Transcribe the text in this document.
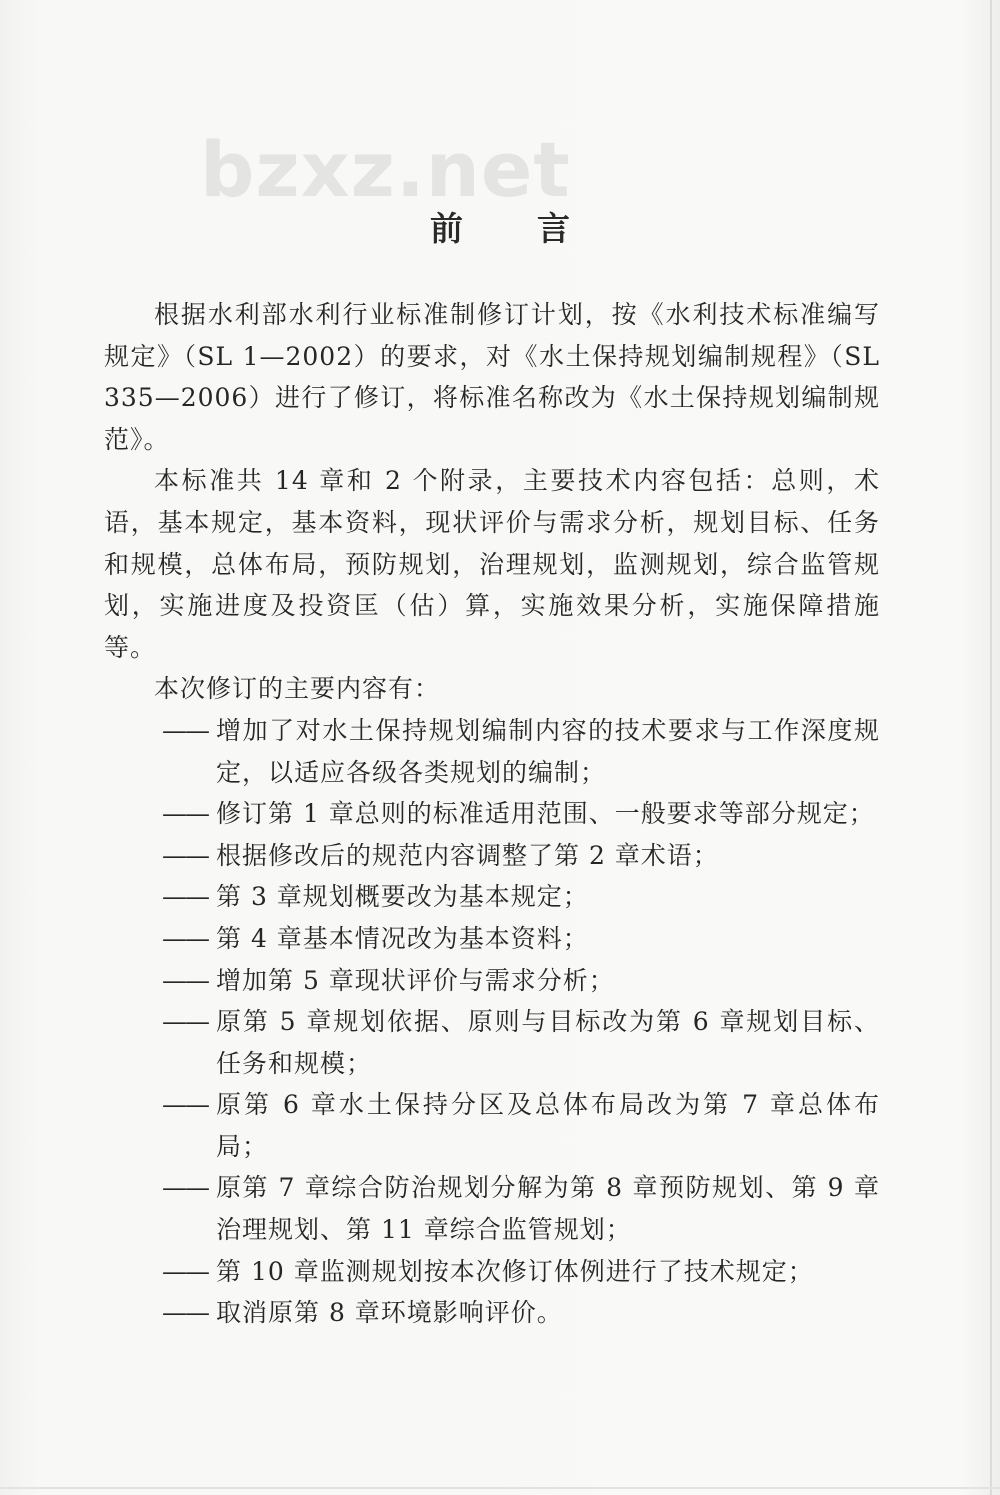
bzxz.net
前言

根据水利部水利行业标准制修订计划，按《水利技术标准编写规定》（SL 1—2002）的要求，对《水土保持规划编制规程》（SL 335—2006）进行了修订，将标准名称改为《水土保持规划编制规范》。

本标准共 14 章和 2 个附录，主要技术内容包括：总则，术语，基本规定，基本资料，现状评价与需求分析，规划目标、任务和规模，总体布局，预防规划，治理规划，监测规划，综合监管规划，实施进度及投资匡（估）算，实施效果分析，实施保障措施等。

本次修订的主要内容有：

—— 增加了对水土保持规划编制内容的技术要求与工作深度规定，以适应各级各类规划的编制；
—— 修订第 1 章总则的标准适用范围、一般要求等部分规定；
—— 根据修改后的规范内容调整了第 2 章术语；
—— 第 3 章规划概要改为基本规定；
—— 第 4 章基本情况改为基本资料；
—— 增加第 5 章现状评价与需求分析；
—— 原第 5 章规划依据、原则与目标改为第 6 章规划目标、任务和规模；
—— 原第 6 章水土保持分区及总体布局改为第 7 章总体布局；
—— 原第 7 章综合防治规划分解为第 8 章预防规划、第 9 章治理规划、第 11 章综合监管规划；
—— 第 10 章监测规划按本次修订体例进行了技术规定；
—— 取消原第 8 章环境影响评价。
